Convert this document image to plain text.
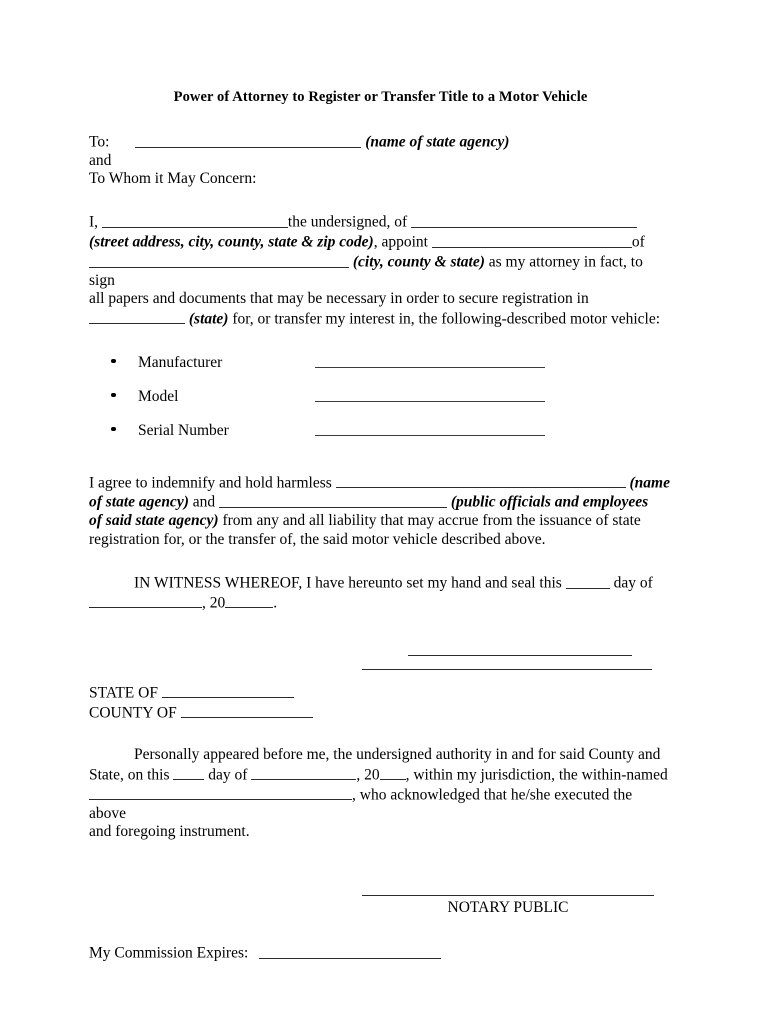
Power of Attorney to Register or Transfer Title to a Motor Vehicle
To:	(name of state agency)
and
To Whom it May Concern:
I,	the undersigned, of
(street address, city, county, state & zip code), appoint	of
(city, county & state) as my attorney in fact, to sign
all papers and documents that may be necessary in order to secure registration in
(state) for, or transfer my interest in, the following-described motor vehicle:
Manufacturer
Model
Serial Number
I agree to indemnify and hold harmless	(name
of state agency) and	(public officials and employees
of said state agency) from any and all liability that may accrue from the issuance of state
registration for, or the transfer of, the said motor vehicle described above.
IN WITNESS WHEREOF, I have hereunto set my hand and seal this	day of
, 20	.
STATE OF
COUNTY OF
Personally appeared before me, the undersigned authority in and for said County and
State, on this	day of	, 20 , within my jurisdiction, the within-named
, who acknowledged that he/she executed the above
and foregoing instrument.
NOTARY PUBLIC
My Commission Expires:
